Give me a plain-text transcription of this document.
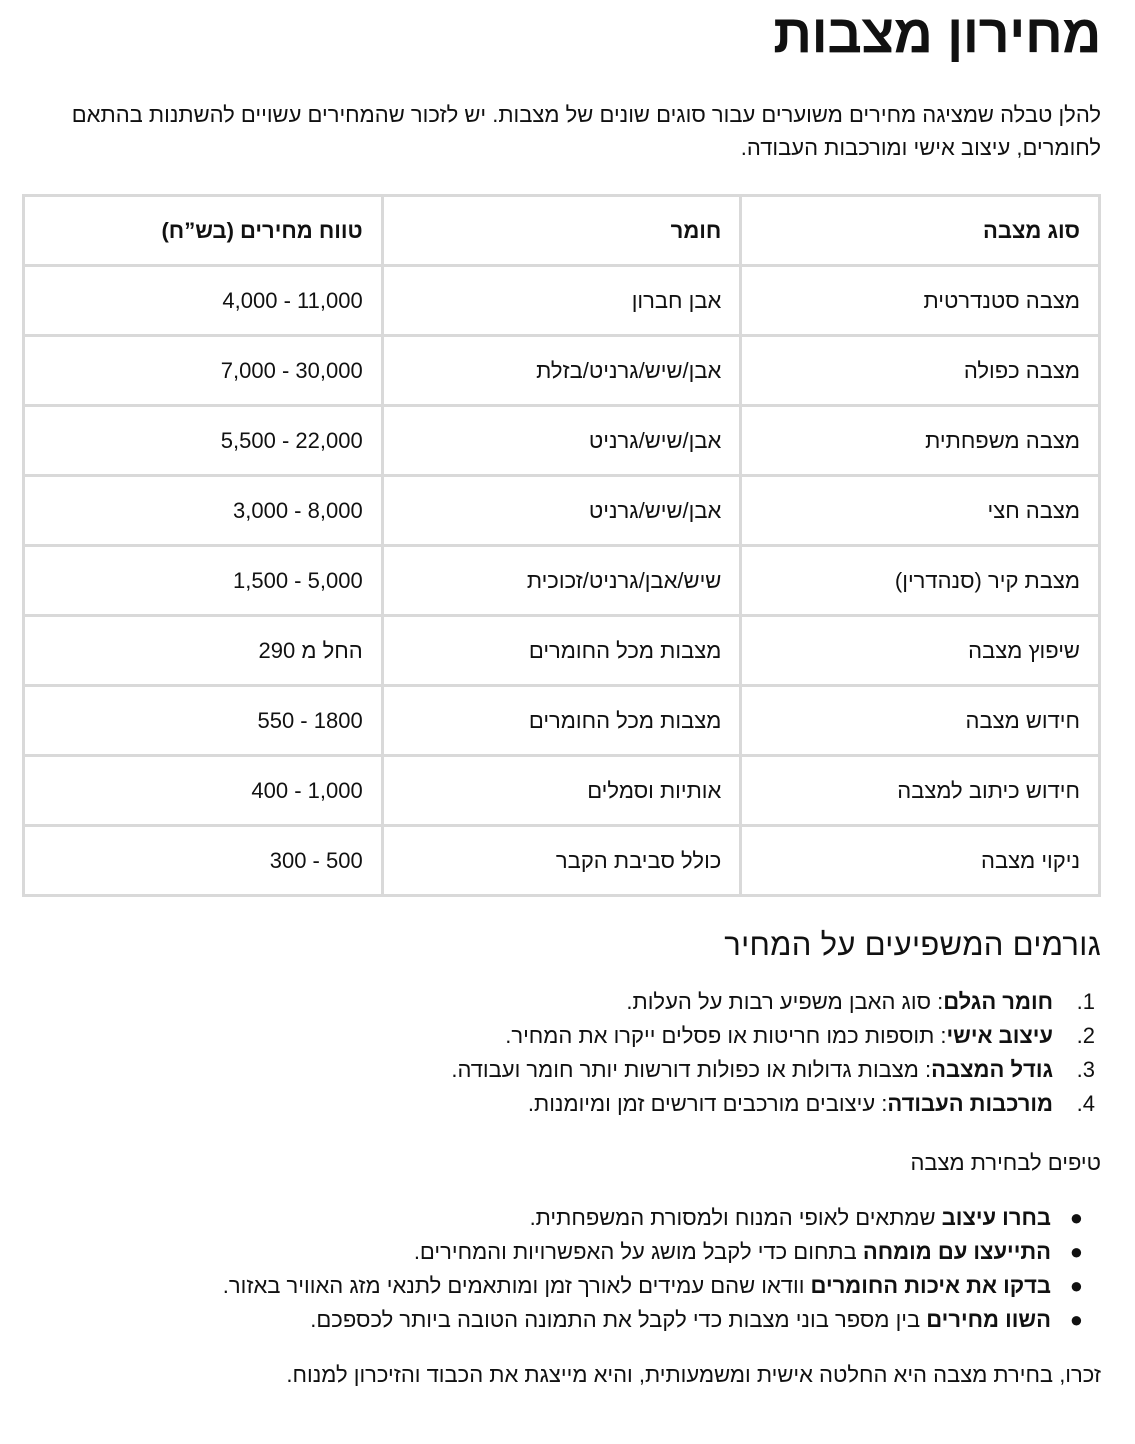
מחירון מצבות

להלן טבלה שמציגה מחירים משוערים עבור סוגים שונים של מצבות. יש לזכור שהמחירים עשויים להשתנות בהתאם לחומרים, עיצוב אישי ומורכבות העבודה.

סוג מצבה	חומר	טווח מחירים (בש”ח)
מצבה סטנדרטית	אבן חברון	4,000 - 11,000
מצבה כפולה	אבן/שיש/גרניט/בזלת	7,000 - 30,000
מצבה משפחתית	אבן/שיש/גרניט	5,500 - 22,000
מצבה חצי	אבן/שיש/גרניט	3,000 - 8,000
מצבת קיר (סנהדרין)	שיש/אבן/גרניט/זכוכית	1,500 - 5,000
שיפוץ מצבה	מצבות מכל החומרים	החל מ 290
חידוש מצבה	מצבות מכל החומרים	550 - 1800
חידוש כיתוב למצבה	אותיות וסמלים	400 - 1,000
ניקוי מצבה	כולל סביבת הקבר	300 - 500
גורמים המשפיעים על המחיר
1.
חומר הגלם: סוג האבן משפיע רבות על העלות.
2.
עיצוב אישי: תוספות כמו חריטות או פסלים ייקרו את המחיר.
3.
גודל המצבה: מצבות גדולות או כפולות דורשות יותר חומר ועבודה.
4.
מורכבות העבודה: עיצובים מורכבים דורשים זמן ומיומנות.

טיפים לבחירת מצבה

●
בחרו עיצוב שמתאים לאופי המנוח ולמסורת המשפחתית.
●
התייעצו עם מומחה בתחום כדי לקבל מושג על האפשרויות והמחירים.
●
בדקו את איכות החומרים וודאו שהם עמידים לאורך זמן ומותאמים לתנאי מזג האוויר באזור.
●
השוו מחירים בין מספר בוני מצבות כדי לקבל את התמונה הטובה ביותר לכספכם.

זכרו, בחירת מצבה היא החלטה אישית ומשמעותית, והיא מייצגת את הכבוד והזיכרון למנוח.
